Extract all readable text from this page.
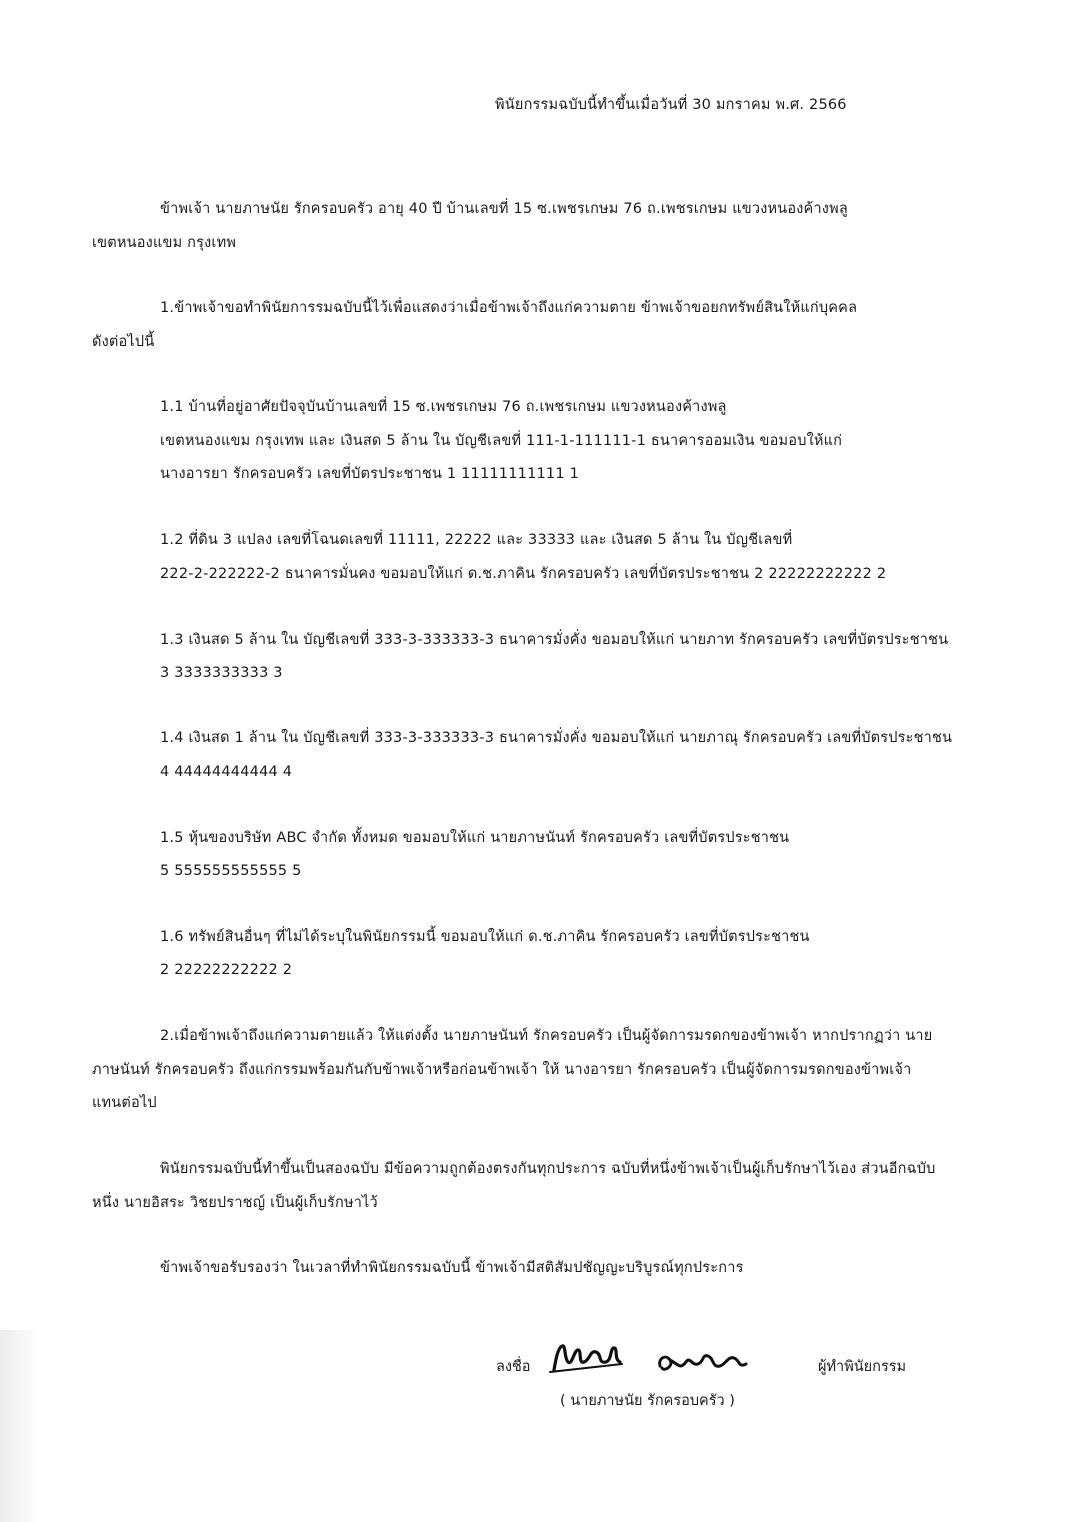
พินัยกรรมฉบับนี้ทำขึ้นเมื่อวันที่ 30 มกราคม พ.ศ. 2566
ข้าพเจ้า นายภาษนัย รักครอบครัว อายุ 40 ปี บ้านเลขที่ 15 ซ.เพชรเกษม 76 ถ.เพชรเกษม แขวงหนองค้างพลู
เขตหนองแขม กรุงเทพ
1.ข้าพเจ้าขอทำพินัยการรมฉบับนี้ไว้เพื่อแสดงว่าเมื่อข้าพเจ้าถึงแก่ความตาย ข้าพเจ้าขอยกทรัพย์สินให้แก่บุคคล
ดังต่อไปนี้
1.1 บ้านที่อยู่อาศัยปัจจุบันบ้านเลขที่ 15 ซ.เพชรเกษม 76 ถ.เพชรเกษม แขวงหนองค้างพลู
เขตหนองแขม กรุงเทพ และ เงินสด 5 ล้าน ใน บัญชีเลขที่ 111-1-111111-1 ธนาคารออมเงิน ขอมอบให้แก่
นางอารยา รักครอบครัว เลขที่บัตรประชาชน 1 11111111111 1
1.2 ที่ดิน 3 แปลง เลขที่โฉนดเลขที่ 11111, 22222 และ 33333 และ เงินสด 5 ล้าน ใน บัญชีเลขที่
222-2-222222-2 ธนาคารมั่นคง ขอมอบให้แก่ ด.ช.ภาคิน รักครอบครัว เลขที่บัตรประชาชน 2 22222222222 2
1.3 เงินสด 5 ล้าน ใน บัญชีเลขที่ 333-3-333333-3 ธนาคารมั่งคั่ง ขอมอบให้แก่ นายภาท รักครอบครัว เลขที่บัตรประชาชน
3 3333333333 3
1.4 เงินสด 1 ล้าน ใน บัญชีเลขที่ 333-3-333333-3 ธนาคารมั่งคั่ง ขอมอบให้แก่ นายภาณุ รักครอบครัว เลขที่บัตรประชาชน
4 44444444444 4
1.5 หุ้นของบริษัท ABC จำกัด ทั้งหมด ขอมอบให้แก่ นายภาษนันท์ รักครอบครัว เลขที่บัตรประชาชน
5 555555555555 5
1.6 ทรัพย์สินอื่นๆ ที่ไม่ได้ระบุในพินัยกรรมนี้ ขอมอบให้แก่ ด.ช.ภาคิน รักครอบครัว เลขที่บัตรประชาชน
2 22222222222 2
2.เมื่อข้าพเจ้าถึงแก่ความตายแล้ว ให้แต่งตั้ง นายภาษนันท์ รักครอบครัว เป็นผู้จัดการมรดกของข้าพเจ้า หากปรากฏว่า นาย
ภาษนันท์ รักครอบครัว ถึงแก่กรรมพร้อมกันกับข้าพเจ้าหรือก่อนข้าพเจ้า ให้ นางอารยา รักครอบครัว เป็นผู้จัดการมรดกของข้าพเจ้า
แทนต่อไป
พินัยกรรมฉบับนี้ทำขึ้นเป็นสองฉบับ มีข้อความถูกต้องตรงกันทุกประการ ฉบับที่หนึ่งข้าพเจ้าเป็นผู้เก็บรักษาไว้เอง ส่วนอีกฉบับ
หนึ่ง นายอิสระ วิชยปราชญ์ เป็นผู้เก็บรักษาไว้
ข้าพเจ้าขอรับรองว่า ในเวลาที่ทำพินัยกรรมฉบับนี้ ข้าพเจ้ามีสติสัมปชัญญะบริบูรณ์ทุกประการ
ลงชื่อ	ผู้ทำพินัยกรรม
( นายภาษนัย รักครอบครัว )
